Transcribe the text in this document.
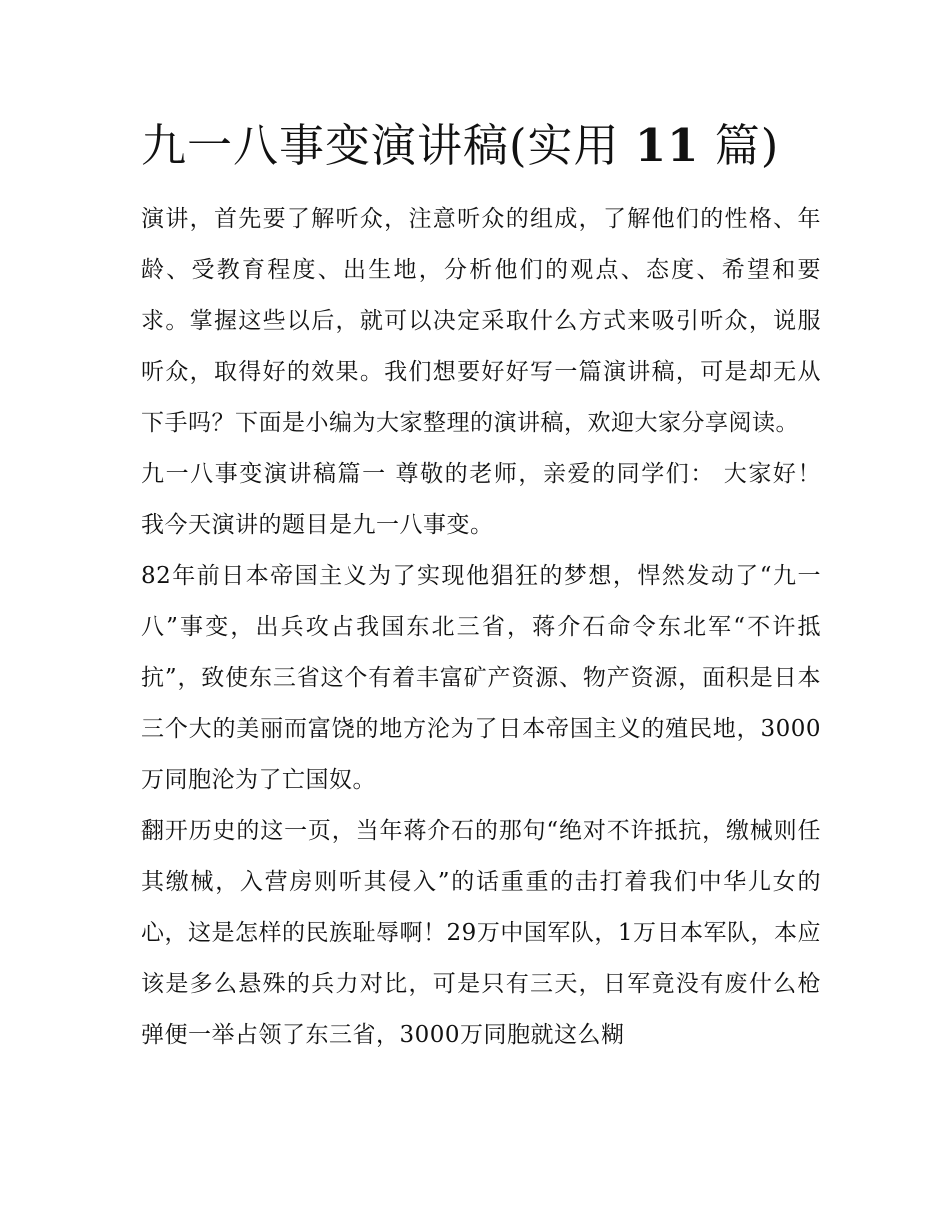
九一八事变演讲稿(实用 11 篇)

演讲，首先要了解听众，注意听众的组成，了解他们的性格、年龄、受教育程度、出生地，分析他们的观点、态度、希望和要求。掌握这些以后，就可以决定采取什么方式来吸引听众，说服听众，取得好的效果。我们想要好好写一篇演讲稿，可是却无从下手吗？下面是小编为大家整理的演讲稿，欢迎大家分享阅读。

九一八事变演讲稿篇一 尊敬的老师，亲爱的同学们： 大家好！ 我今天演讲的题目是九一八事变。

82年前日本帝国主义为了实现他猖狂的梦想，悍然发动了“九一八”事变，出兵攻占我国东北三省，蒋介石命令东北军“不许抵抗”，致使东三省这个有着丰富矿产资源、物产资源，面积是日本三个大的美丽而富饶的地方沦为了日本帝国主义的殖民地，3000万同胞沦为了亡国奴。

翻开历史的这一页，当年蒋介石的那句“绝对不许抵抗，缴械则任其缴械，入营房则听其侵入”的话重重的击打着我们中华儿女的心，这是怎样的民族耻辱啊！29万中国军队，1万日本军队，本应该是多么悬殊的兵力对比，可是只有三天，日军竟没有废什么枪弹便一举占领了东三省，3000万同胞就这么糊
